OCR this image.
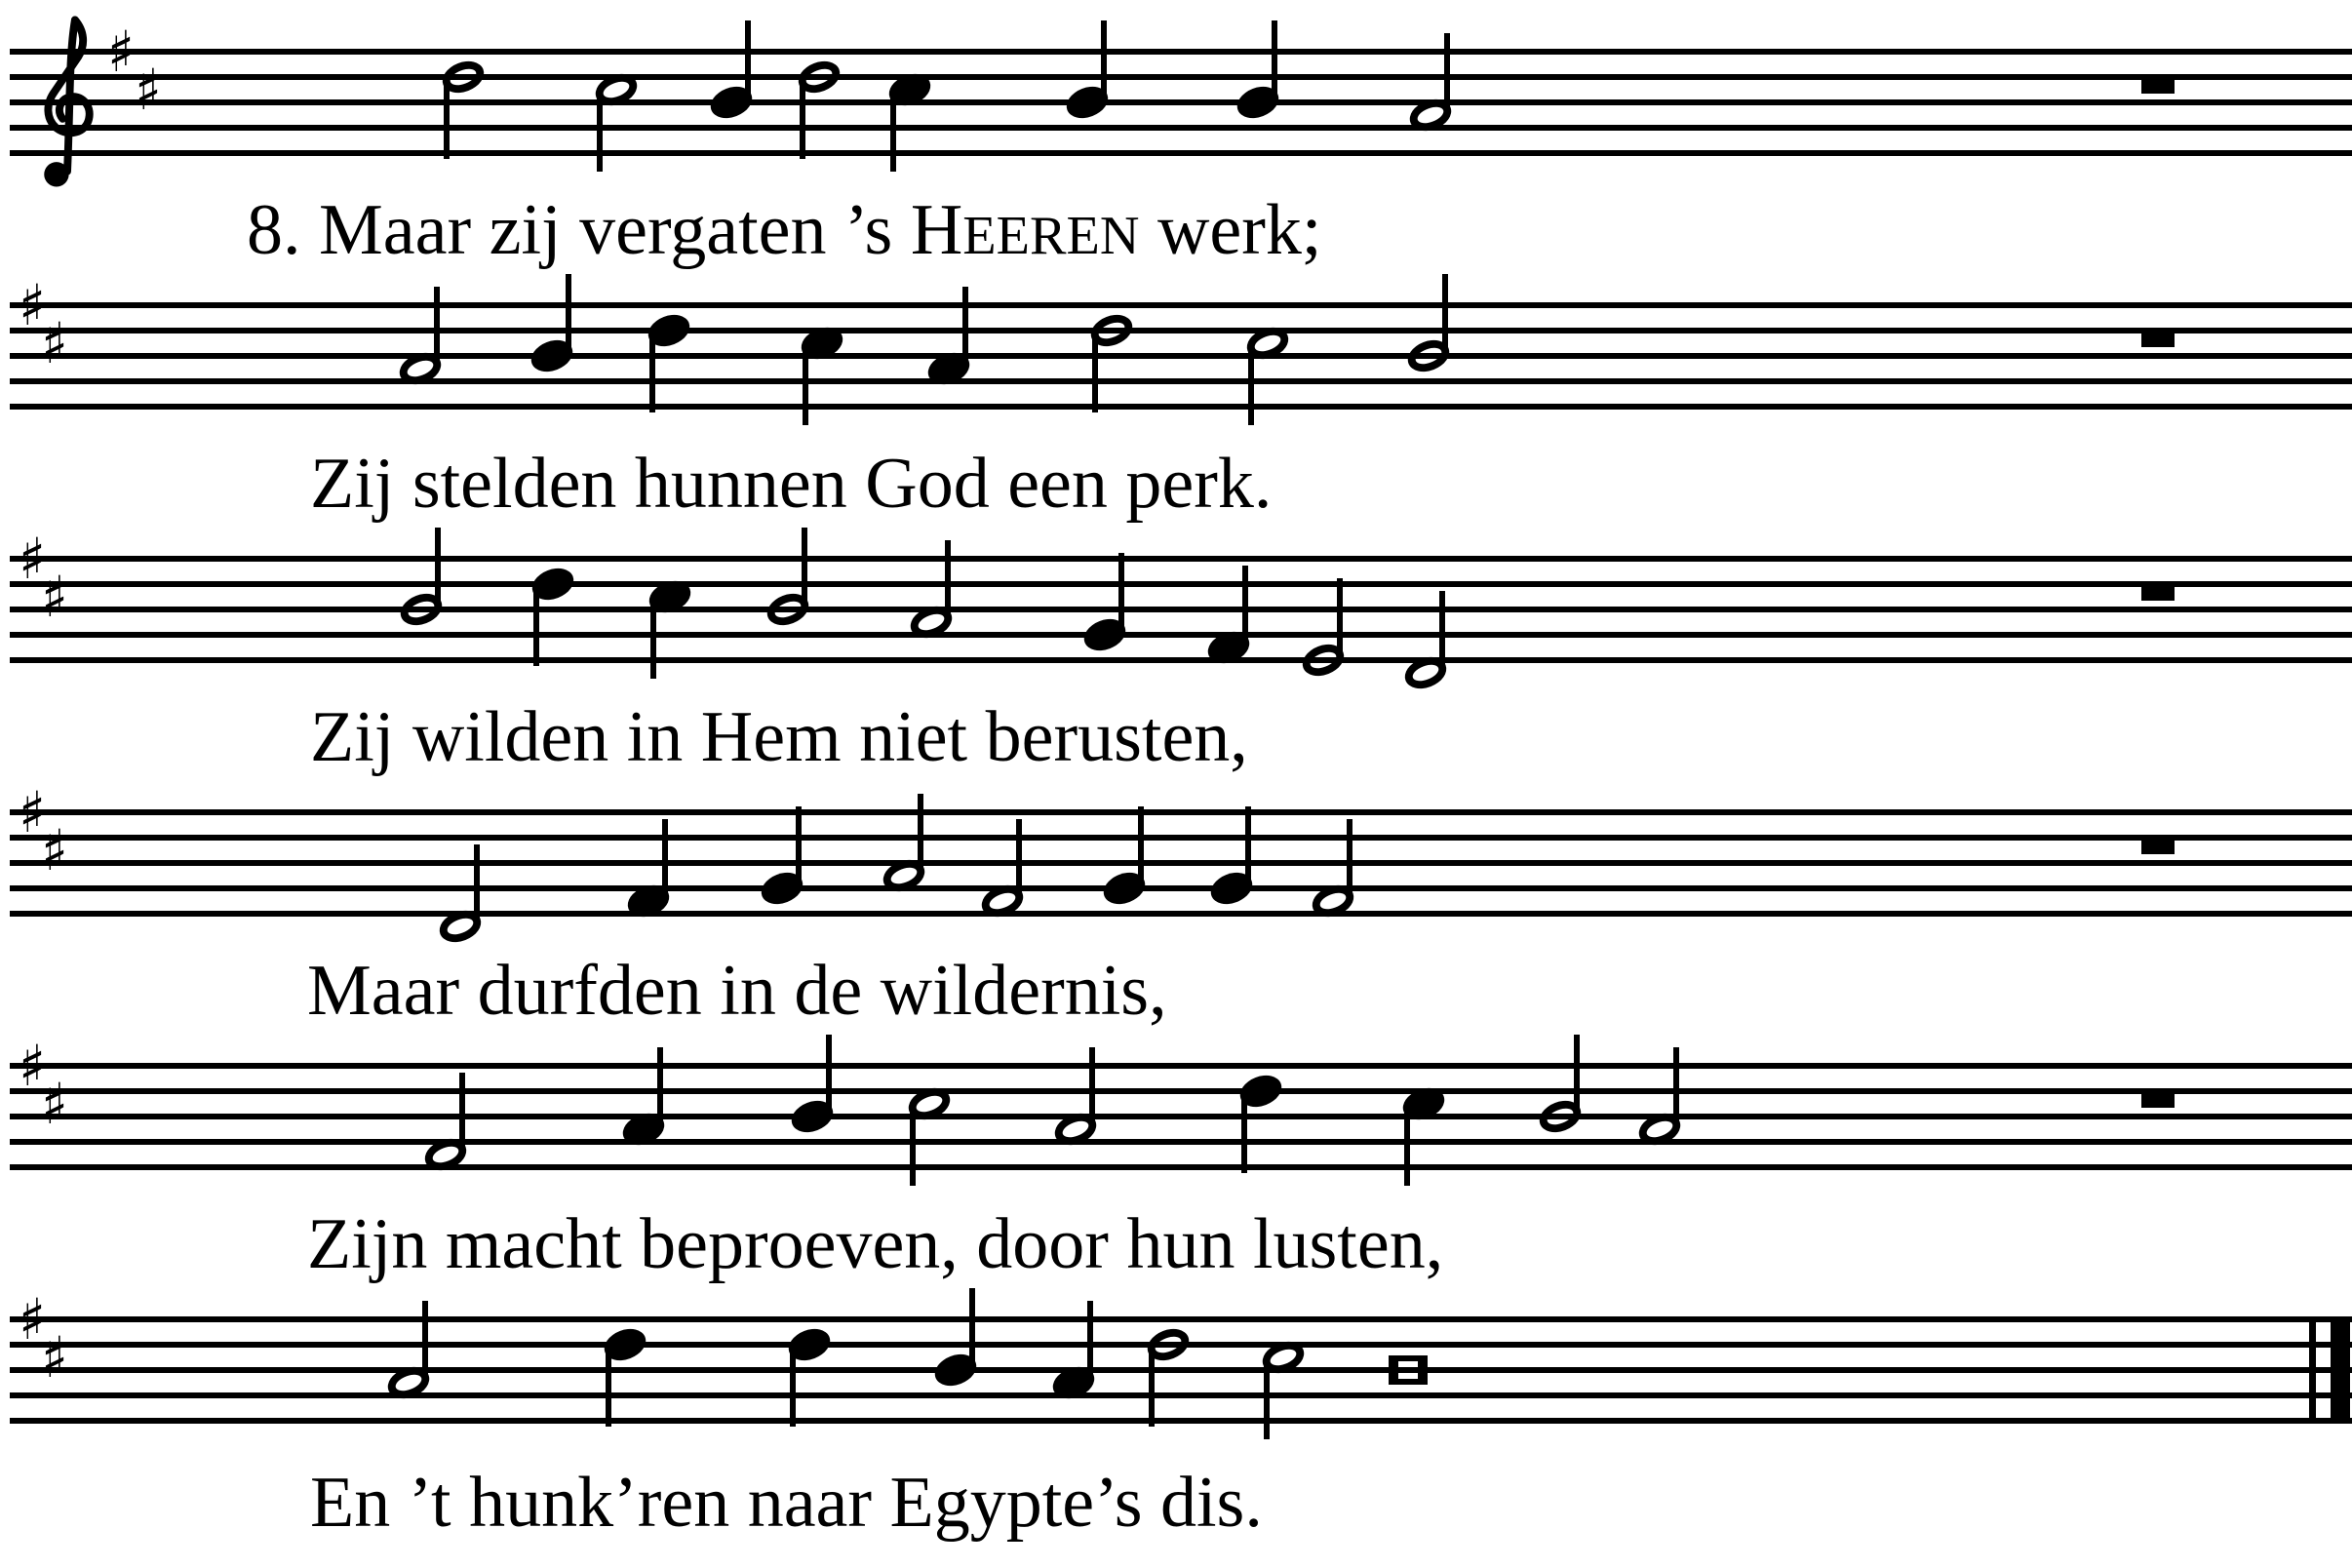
♯
♯
♯
♯
♯
♯
♯
♯
♯
♯
♯
♯
8. Maar zij vergaten ’s HEEREN werk;
Zij stelden hunnen God een perk.
Zij wilden in Hem niet berusten,
Maar durfden in de wildernis,
Zijn macht beproeven, door hun lusten,
En ’t hunk’ren naar Egypte’s dis.
